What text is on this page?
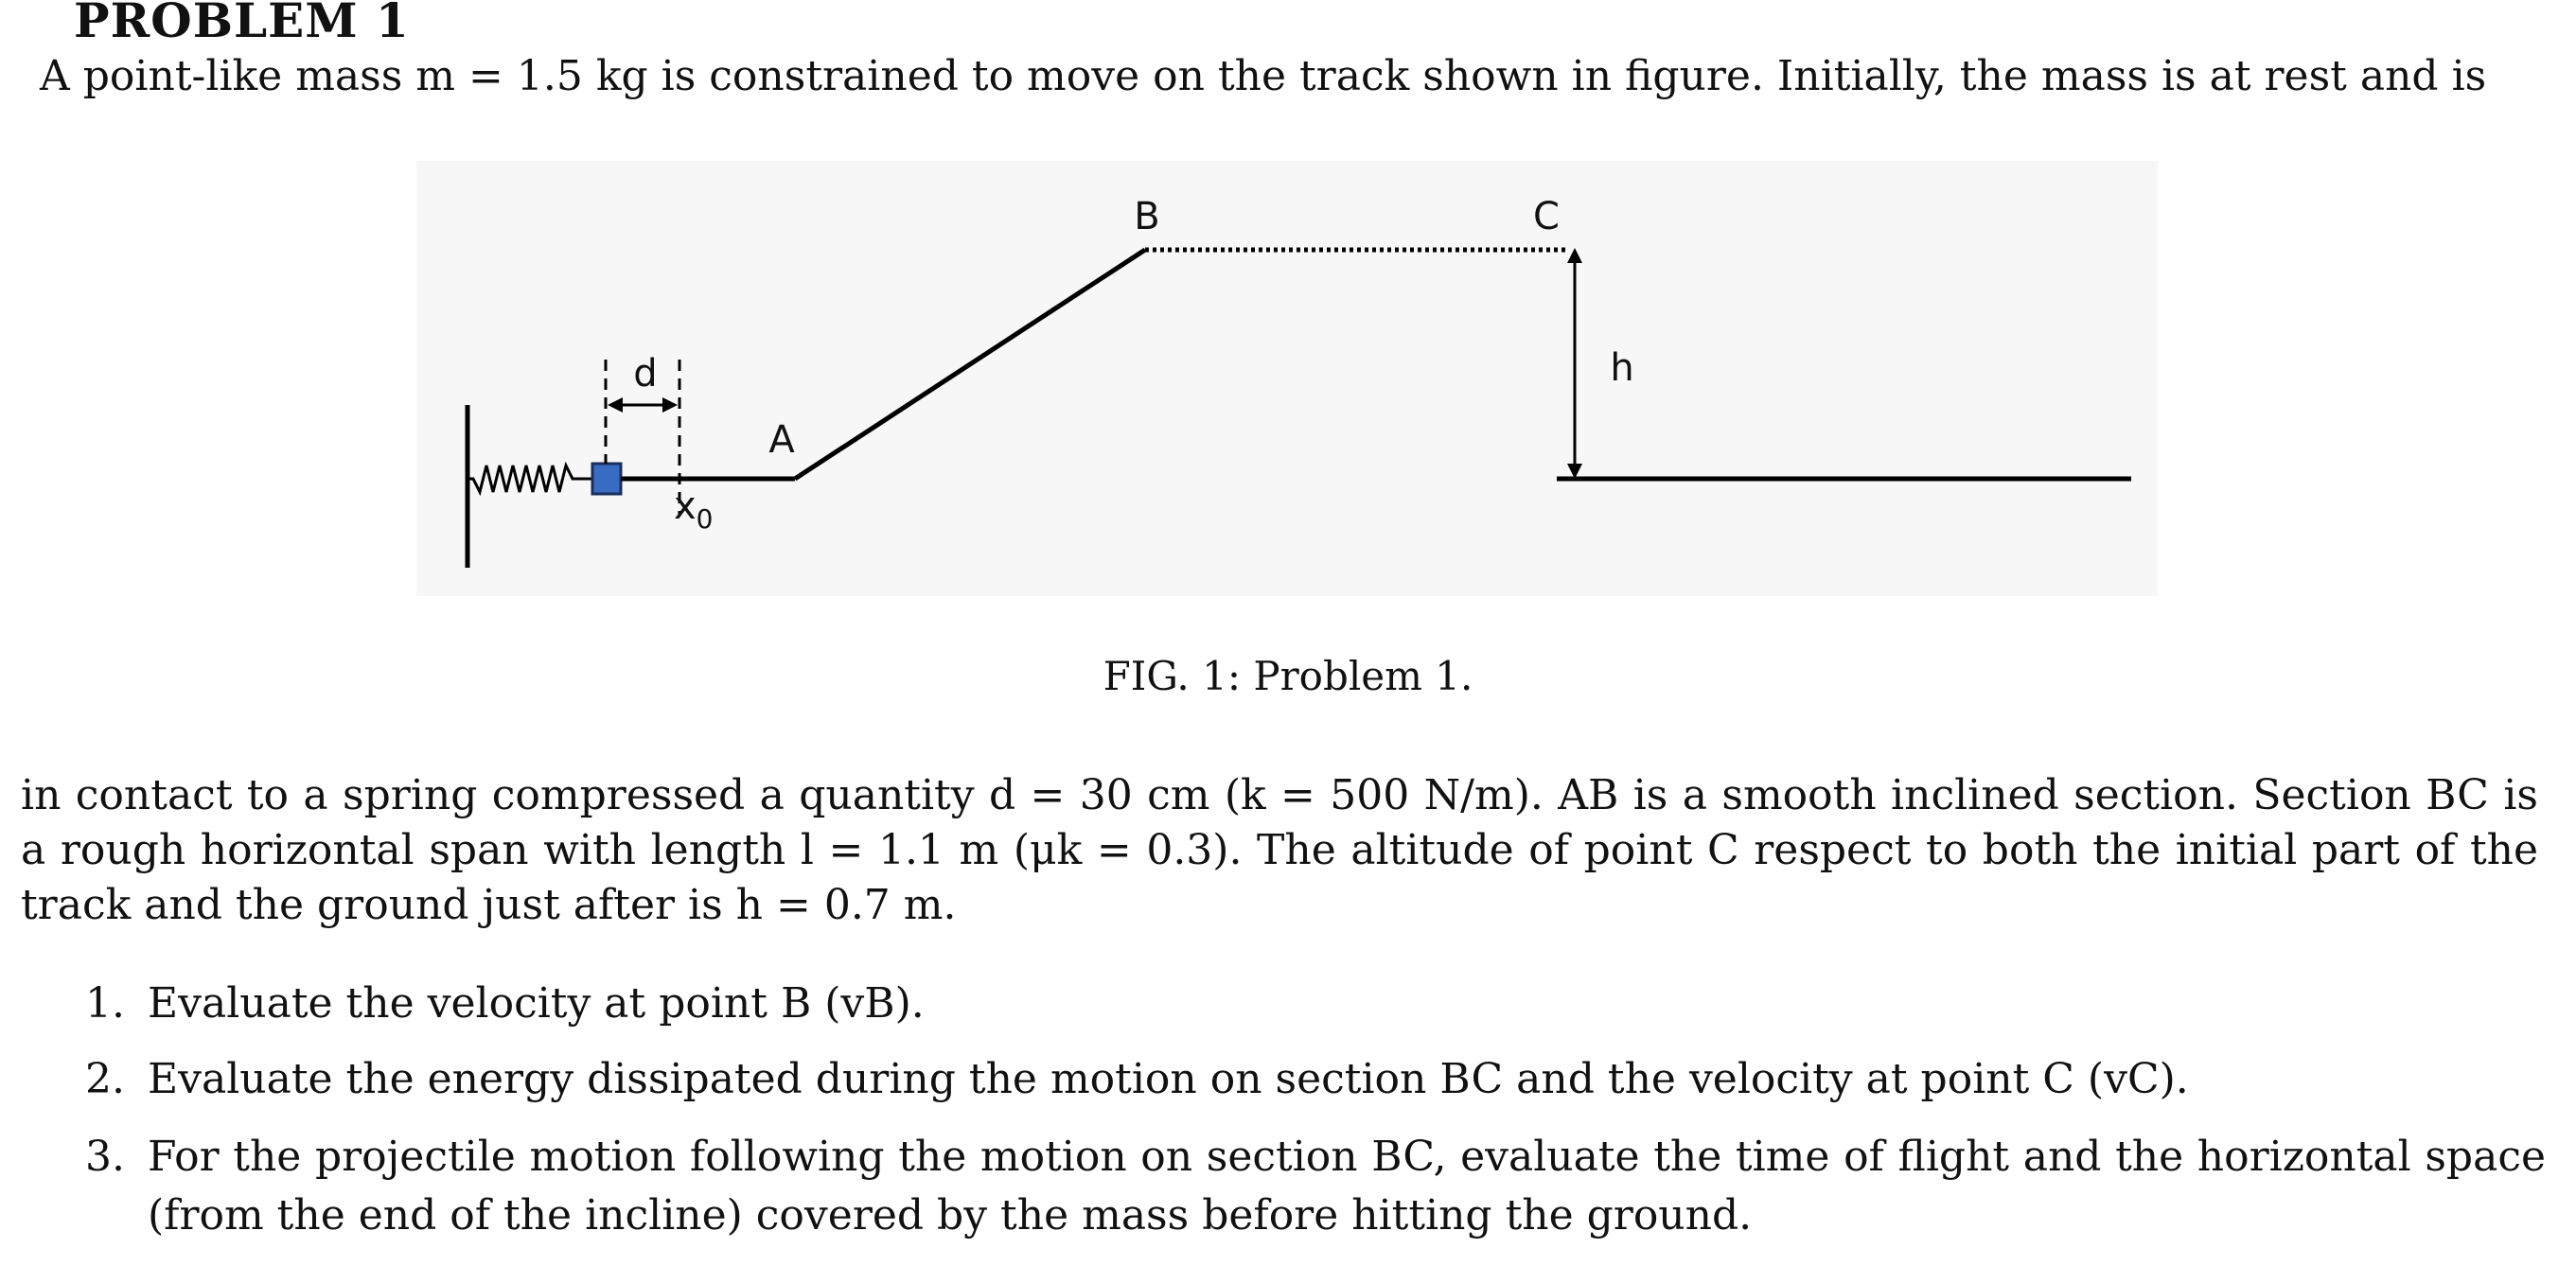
PROBLEM 1

A point-like mass m = 1.5 kg is constrained to move on the track shown in figure. Initially, the mass is at rest and is

B	C
h
A
d
$x_0$

FIG. 1: Problem 1.

in contact to a spring compressed a quantity d = 30 cm (k = 500 N/m). AB is a smooth inclined section. Section BC is a rough horizontal span with length l = 1.1 m (μk = 0.3). The altitude of point C respect to both the initial part of the track and the ground just after is h = 0.7 m.

1. Evaluate the velocity at point B (vB).
2. Evaluate the energy dissipated during the motion on section BC and the velocity at point C (vC).
3. For the projectile motion following the motion on section BC, evaluate the time of flight and the horizontal space (from the end of the incline) covered by the mass before hitting the ground.
